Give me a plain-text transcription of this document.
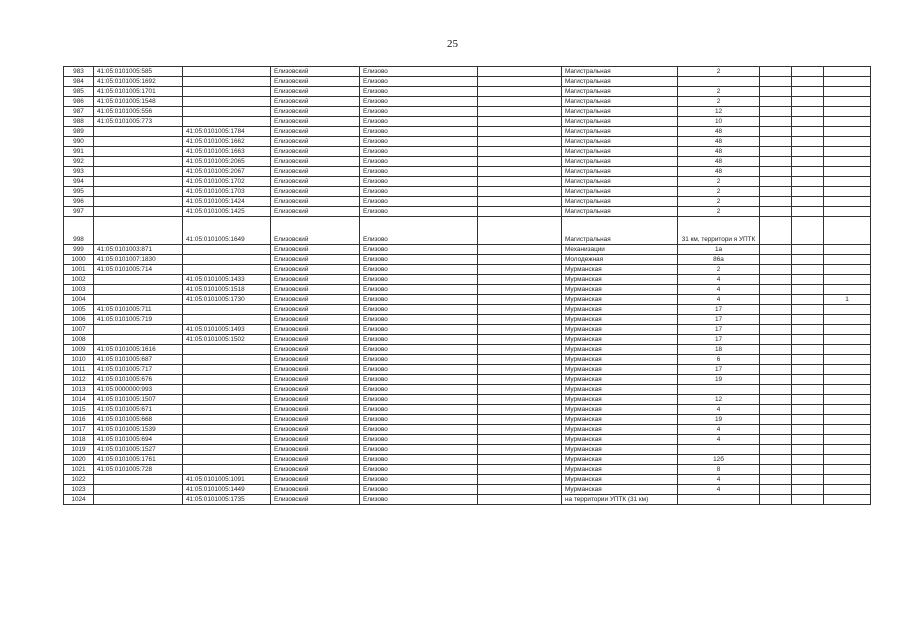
25
983	41:05:0101005:585		Елизовский	Елизово		Магистральная	2			
984	41:05:0101005:1692		Елизовский	Елизово		Магистральная				
985	41:05:0101005:1701		Елизовский	Елизово		Магистральная	2			
986	41:05:0101005:1548		Елизовский	Елизово		Магистральная	2			
987	41:05:0101005:556		Елизовский	Елизово		Магистральная	12			
988	41:05:0101005:773		Елизовский	Елизово		Магистральная	10			
989		41:05:0101005:1784	Елизовский	Елизово		Магистральная	48			
990		41:05:0101005:1662	Елизовский	Елизово		Магистральная	48			
991		41:05:0101005:1663	Елизовский	Елизово		Магистральная	48			
992		41:05:0101005:2065	Елизовский	Елизово		Магистральная	48			
993		41:05:0101005:2067	Елизовский	Елизово		Магистральная	48			
994		41:05:0101005:1702	Елизовский	Елизово		Магистральная	2			
995		41:05:0101005:1703	Елизовский	Елизово		Магистральная	2			
996		41:05:0101005:1424	Елизовский	Елизово		Магистральная	2			
997		41:05:0101005:1425	Елизовский	Елизово		Магистральная	2			
998		41:05:0101005:1649	Елизовский	Елизово		Магистральная	31 км, территори я УПТК			
999	41:05:0101003:871		Елизовский	Елизово		Механизации	1а			
1000	41:05:0101007:1830		Елизовский	Елизово		Молодежная	86а			
1001	41:05:0101005:714		Елизовский	Елизово		Мурманская	2			
1002		41:05:0101005:1433	Елизовский	Елизово		Мурманская	4			
1003		41:05:0101005:1518	Елизовский	Елизово		Мурманская	4			
1004		41:05:0101005:1730	Елизовский	Елизово		Мурманская	4			1
1005	41:05:0101005:711		Елизовский	Елизово		Мурманская	17			
1006	41:05:0101005:719		Елизовский	Елизово		Мурманская	17			
1007		41:05:0101005:1493	Елизовский	Елизово		Мурманская	17			
1008		41:05:0101005:1502	Елизовский	Елизово		Мурманская	17			
1009	41:05:0101005:1616		Елизовский	Елизово		Мурманская	18			
1010	41:05:0101005:687		Елизовский	Елизово		Мурманская	6			
1011	41:05:0101005:717		Елизовский	Елизово		Мурманская	17			
1012	41:05:0101005:676		Елизовский	Елизово		Мурманская	19			
1013	41:05:0000000:993		Елизовский	Елизово		Мурманская				
1014	41:05:0101005:1507		Елизовский	Елизово		Мурманская	12			
1015	41:05:0101005:671		Елизовский	Елизово		Мурманская	4			
1016	41:05:0101005:668		Елизовский	Елизово		Мурманская	19			
1017	41:05:0101005:1539		Елизовский	Елизово		Мурманская	4			
1018	41:05:0101005:694		Елизовский	Елизово		Мурманская	4			
1019	41:05:0101005:1527		Елизовский	Елизово		Мурманская				
1020	41:05:0101005:1761		Елизовский	Елизово		Мурманская	12б			
1021	41:05:0101005:728		Елизовский	Елизово		Мурманская	8			
1022		41:05:0101005:1091	Елизовский	Елизово		Мурманская	4			
1023		41:05:0101005:1449	Елизовский	Елизово		Мурманская	4			
1024		41:05:0101005:1735	Елизовский	Елизово		на территории УПТК (31 км)				
